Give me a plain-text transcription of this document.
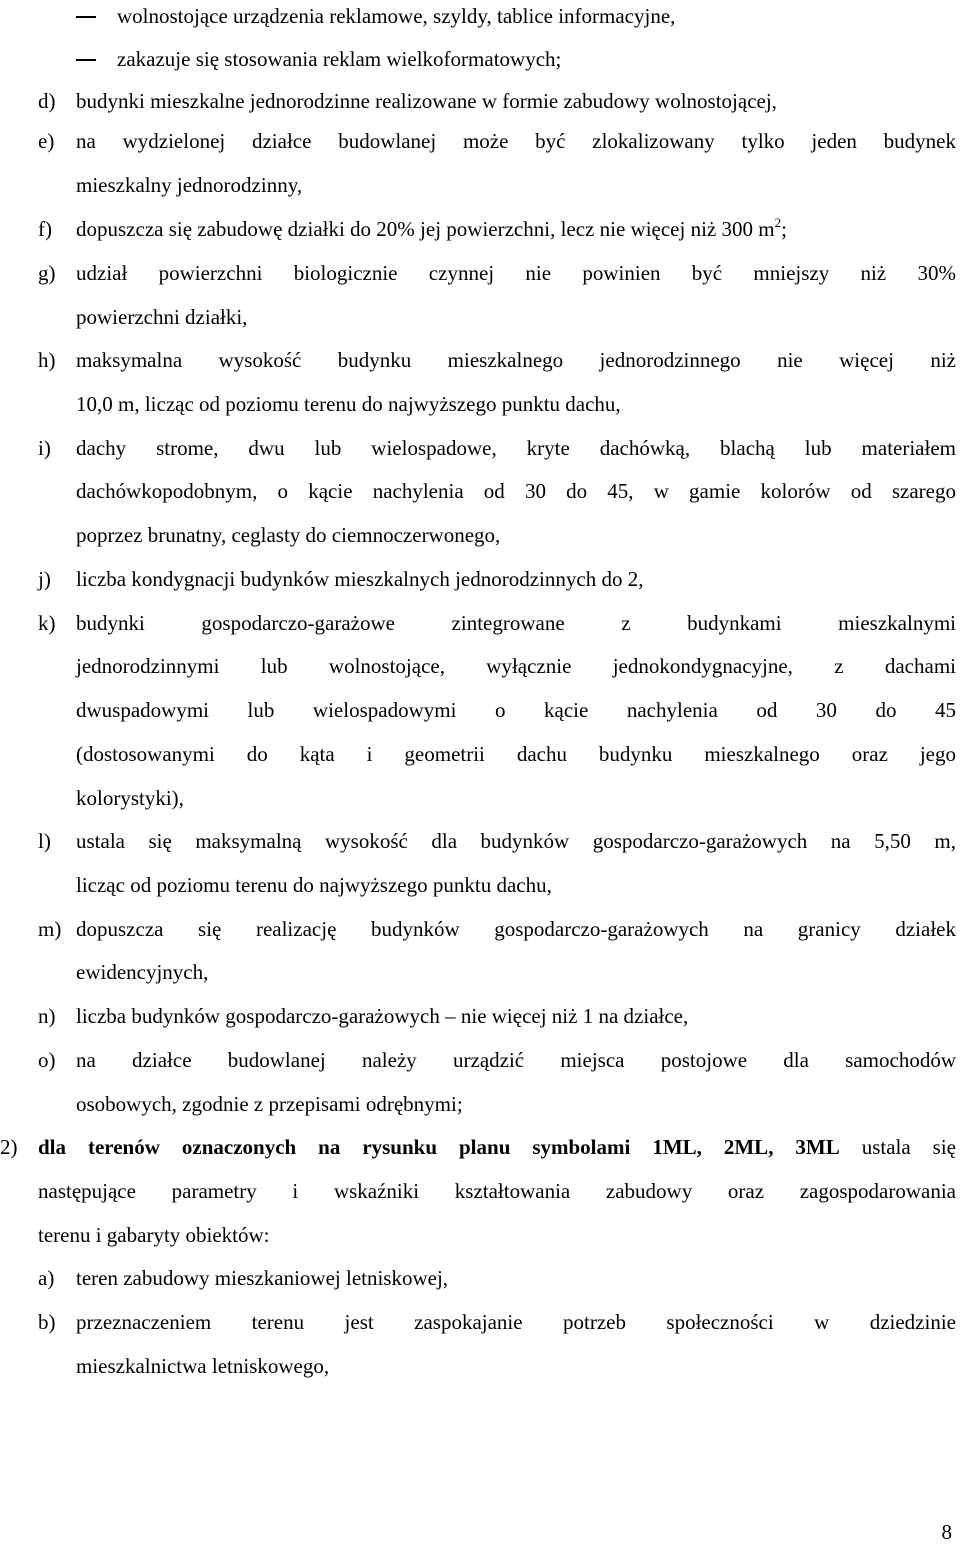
wolnostojące urządzenia reklamowe, szyldy, tablice informacyjne,
zakazuje się stosowania reklam wielkoformatowych;
d) budynki mieszkalne jednorodzinne realizowane w formie zabudowy wolnostojącej,
e) na wydzielonej działce budowlanej może być zlokalizowany tylko jeden budynek
mieszkalny jednorodzinny,
f) dopuszcza się zabudowę działki do 20% jej powierzchni, lecz nie więcej niż 300 $m^2$;
g) udział powierzchni biologicznie czynnej nie powinien być mniejszy niż 30%
powierzchni działki,
h) maksymalna wysokość budynku mieszkalnego jednorodzinnego nie więcej niż
10,0 m, licząc od poziomu terenu do najwyższego punktu dachu,
i) dachy strome, dwu lub wielospadowe, kryte dachówką, blachą lub materiałem
dachówkopodobnym, o kącie nachylenia od 30 do 45, w gamie kolorów od szarego
poprzez brunatny, ceglasty do ciemnoczerwonego,
j) liczba kondygnacji budynków mieszkalnych jednorodzinnych do 2,
k) budynki gospodarczo-garażowe zintegrowane z budynkami mieszkalnymi
jednorodzinnymi lub wolnostojące, wyłącznie jednokondygnacyjne, z dachami
dwuspadowymi lub wielospadowymi o kącie nachylenia od 30 do 45
(dostosowanymi do kąta i geometrii dachu budynku mieszkalnego oraz jego
kolorystyki),
l) ustala się maksymalną wysokość dla budynków gospodarczo-garażowych na 5,50 m,
licząc od poziomu terenu do najwyższego punktu dachu,
m) dopuszcza się realizację budynków gospodarczo-garażowych na granicy działek
ewidencyjnych,
n) liczba budynków gospodarczo-garażowych – nie więcej niż 1 na działce,
o) na działce budowlanej należy urządzić miejsca postojowe dla samochodów
osobowych, zgodnie z przepisami odrębnymi;
2) dla terenów oznaczonych na rysunku planu symbolami 1ML, 2ML, 3ML ustala się
następujące parametry i wskaźniki kształtowania zabudowy oraz zagospodarowania
terenu i gabaryty obiektów:
a) teren zabudowy mieszkaniowej letniskowej,
b) przeznaczeniem terenu jest zaspokajanie potrzeb społeczności w dziedzinie
mieszkalnictwa letniskowego,
8
